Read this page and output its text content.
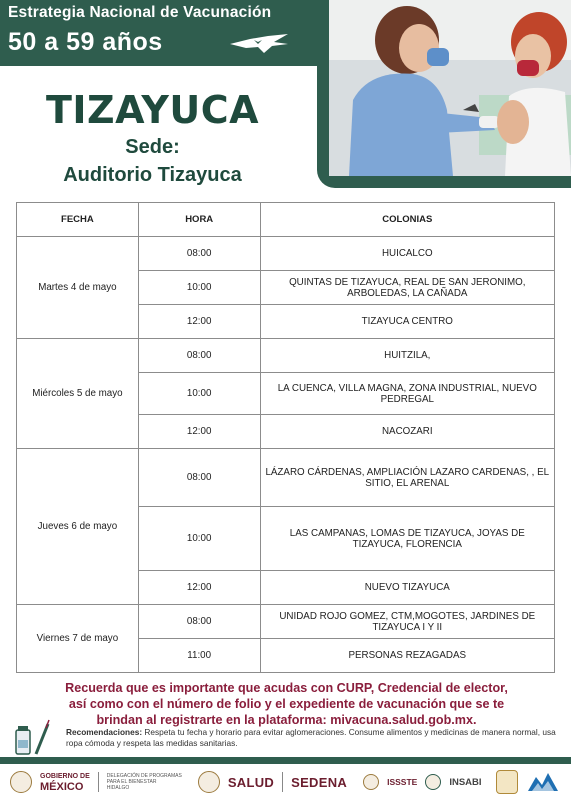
Estrategia Nacional de Vacunación
50 a 59 años
TIZAYUCA
Sede:
Auditorio Tizayuca
FECHA	HORA	COLONIAS
Martes 4 de mayo	08:00	HUICALCO
	10:00	QUINTAS DE TIZAYUCA, REAL DE SAN JERONIMO, ARBOLEDAS, LA CAÑADA
	12:00	TIZAYUCA CENTRO
Miércoles 5 de mayo	08:00	HUITZILA,
	10:00	LA CUENCA, VILLA MAGNA, ZONA INDUSTRIAL, NUEVO PEDREGAL
	12:00	NACOZARI
Jueves 6 de mayo	08:00	LÁZARO CÁRDENAS, AMPLIACIÓN LAZARO CARDENAS, , EL SITIO, EL ARENAL
	10:00	LAS CAMPANAS, LOMAS DE TIZAYUCA, JOYAS DE TIZAYUCA, FLORENCIA
	12:00	NUEVO TIZAYUCA
Viernes 7 de mayo	08:00	UNIDAD ROJO GOMEZ, CTM,MOGOTES, JARDINES DE TIZAYUCA I Y II
	11:00	PERSONAS REZAGADAS
Recuerda que es importante que acudas con CURP, Credencial de elector,
así como con el número de folio y el expediente de vacunación que se te
brindan al registrarte en la plataforma: mivacuna.salud.gob.mx.
Recomendaciones: Respeta tu fecha y horario para evitar aglomeraciones. Consume alimentos y medicinas de manera normal, usa ropa cómoda y respeta las medidas sanitarias.
GOBIERNO DE
MÉXICO
DELEGACIÓN DE PROGRAMAS
PARA EL BIENESTAR
HIDALGO	SALUD SEDENA	ISSSTE	INSABI
